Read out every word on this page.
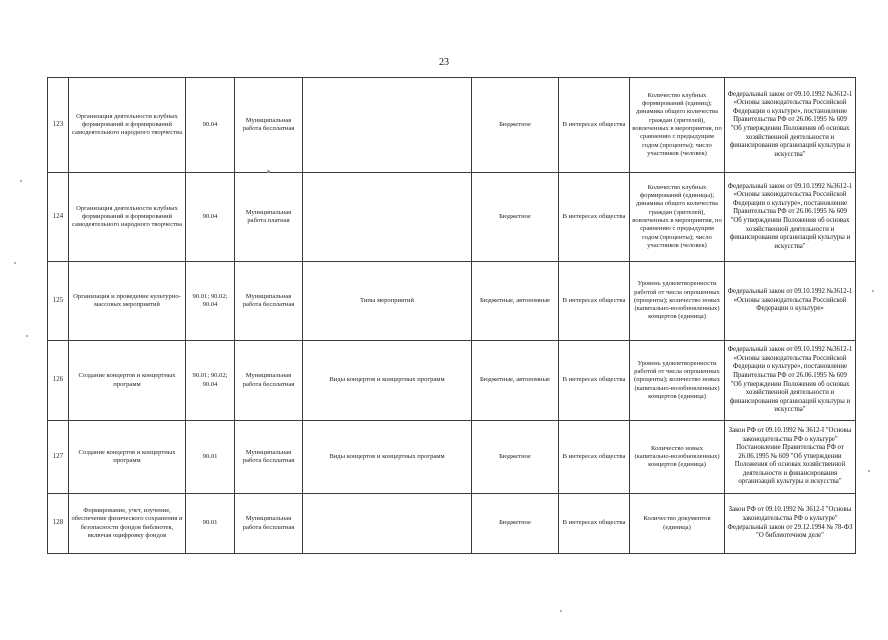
23
123	Организация деятельности клубных формирований и формирований самодеятельного народного творчества	90.04	Муниципальная работа бесплатная		Бюджетное	В интересах общества	Количество клубных формирований (единиц); динамика общего количества граждан (зрителей), вовлеченных в мероприятия, по сравнению с предыдущим годом (проценты); число участников (человек)	Федеральный закон от 09.10.1992 №3612-1 «Основы законодательства Российской Федерации о культуре», постановление Правительства РФ от 26.06.1995 № 609 "Об утверждении Положения об основах хозяйственной деятельности и финансирования организаций культуры и искусства"
124	Организация деятельности клубных формирований и формирований самодеятельного народного творчества	90.04	Муниципальная работа платная		Бюджетное	В интересах общества	Количество клубных формирований (единицы); динамика общего количества граждан (зрителей), вовлеченных в мероприятия, по сравнению с предыдущим годом (проценты); число участников (человек)	Федеральный закон от 09.10.1992 №3612-1 «Основы законодательства Российской Федерации о культуре», постановление Правительства РФ от 26.06.1995 № 609 "Об утверждении Положения об основах хозяйственной деятельности и финансирования организаций культуры и искусства"
125	Организация и проведение культурно-массовых мероприятий	90.01; 90.02; 90.04	Муниципальная работа бесплатная	Типы мероприятий	Бюджетные, автономные	В интересах общества	Уровень удовлетворенности работой от числа опрошенных (проценты); количество новых (капитально-возобновленных) концертов (единица)	Федеральный закон от 09.10.1992 №3612-1 «Основы законодательства Российской Федерации о культуре»
126	Создание концертов и концертных программ	90.01; 90.02; 90.04	Муниципальная работа бесплатная	Виды концертов и концертных программ	Бюджетные, автономные	В интересах общества	Уровень удовлетворенности работой от числа опрошенных (проценты); количество новых (капитально-возобновленных) концертов (единица)	Федеральный закон от 09.10.1992 №3612-1 «Основы законодательства Российской Федерации о культуре», постановление Правительства РФ от 26.06.1995 № 609 "Об утверждении Положения об основах хозяйственной деятельности и финансирования организаций культуры и искусства"
127	Создание концертов и концертных программ	90.01	Муниципальная работа бесплатная	Виды концертов и концертных программ	Бюджетное	В интересах общества	Количество новых (капитально-возобновленных) концертов (единица)	Закон РФ от 09.10.1992 № 3612-I "Основы законодательства РФ о культуре" Постановление Правительства РФ от 26.06.1995 № 609 "Об утверждении Положения об основах хозяйственной деятельности и финансирования организаций культуры и искусства"
128	Формирование, учет, изучение, обеспечение физического сохранения и безопасности фондов библиотек, включая оцифровку фондов	90.01	Муниципальная работа бесплатная		Бюджетное	В интересах общества	Количество документов (единица)	Закон РФ от 09.10.1992 № 3612-I "Основы законодательства РФ о культуре" Федеральный закон от 29.12.1994 № 78-ФЗ "О библиотечном деле"
